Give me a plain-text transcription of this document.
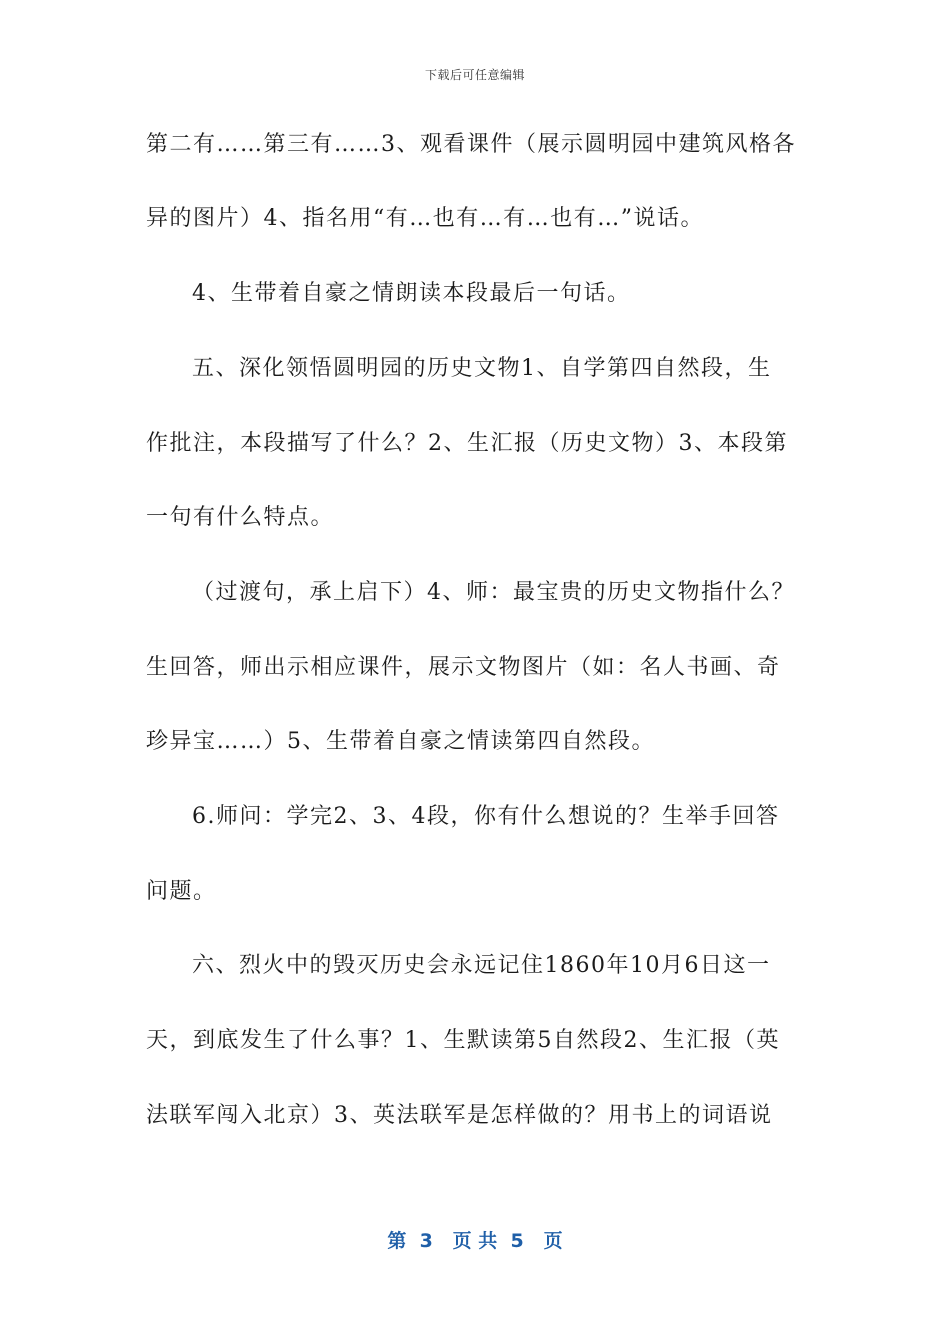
下载后可任意编辑
第二有……第三有……3、观看课件（展示圆明园中建筑风格各
异的图片）4、指名用“有…也有…有…也有…”说话。
4、生带着自豪之情朗读本段最后一句话。
五、深化领悟圆明园的历史文物1、自学第四自然段，生
作批注，本段描写了什么？2、生汇报（历史文物）3、本段第
一句有什么特点。
（过渡句，承上启下）4、师：最宝贵的历史文物指什么？
生回答，师出示相应课件，展示文物图片（如：名人书画、奇
珍异宝……）5、生带着自豪之情读第四自然段。
6.师问：学完2、3、4段，你有什么想说的？生举手回答
问题。
六、烈火中的毁灭历史会永远记住1860年10月6日这一
天，到底发生了什么事？1、生默读第5自然段2、生汇报（英
法联军闯入北京）3、英法联军是怎样做的？用书上的词语说
第  3   页 共  5   页
